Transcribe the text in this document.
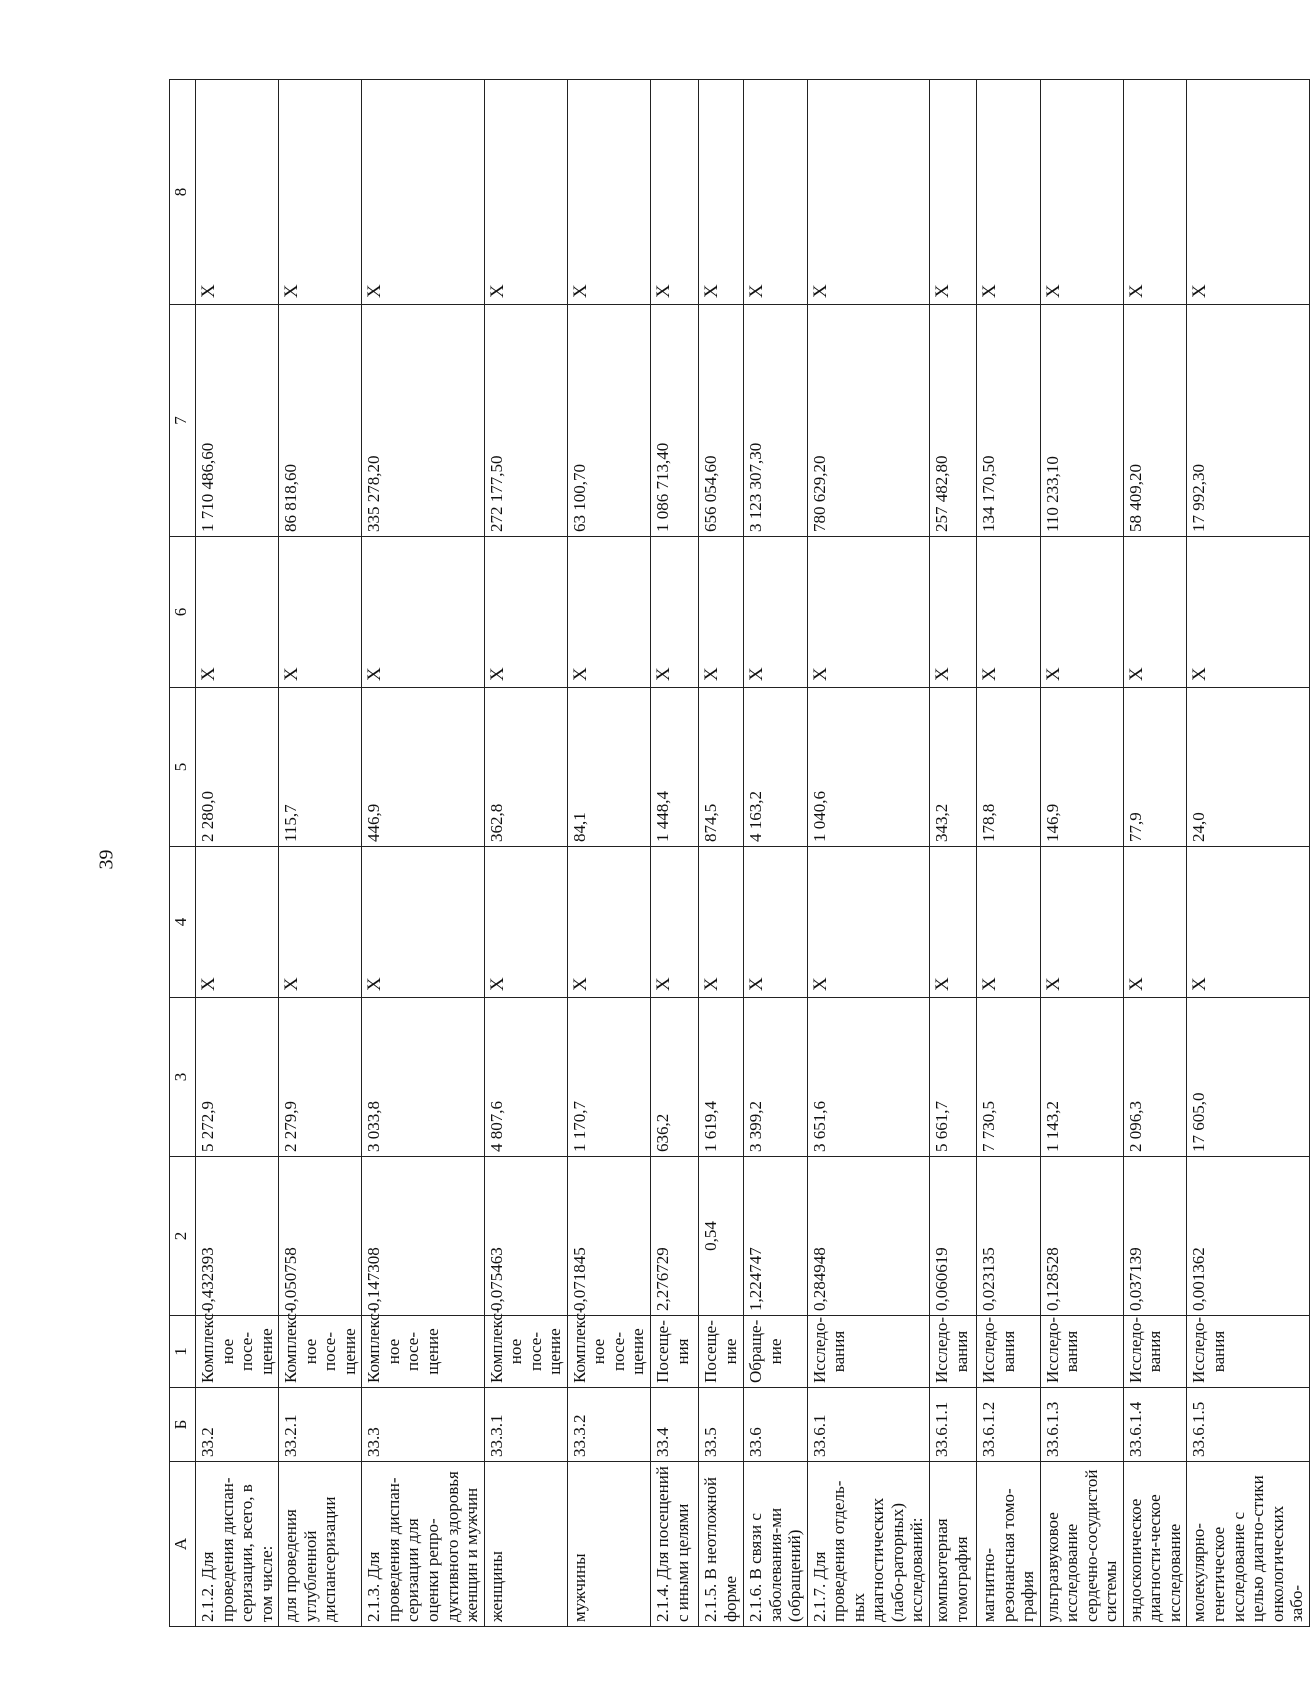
39
А	Б	1	2	3	4	5	6	7	8
2.1.2. Для проведения диспан-серизации, всего, в том числе:	33.2	Комплекс-ное посе-щение	0,432393	5 272,9	Х	2 280,0	Х	1 710 486,60	Х
для проведения углубленной диспансеризации	33.2.1	Комплекс-ное посе-щение	0,050758	2 279,9	Х	115,7	Х	86 818,60	Х
2.1.3. Для проведения диспан-серизации для оценки репро-дуктивного здоровья женщин и мужчин	33.3	Комплекс-ное посе-щение	0,147308	3 033,8	Х	446,9	Х	335 278,20	Х
женщины	33.3.1	Комплекс-ное посе-щение	0,075463	4 807,6	Х	362,8	Х	272 177,50	Х
мужчины	33.3.2	Комплекс-ное посе-щение	0,071845	1 170,7	Х	84,1	Х	63 100,70	Х
2.1.4. Для посещений с иными целями	33.4	Посеще-ния	2,276729	636,2	Х	1 448,4	Х	1 086 713,40	Х
2.1.5. В неотложной форме	33.5	Посеще-ние	0,54	1 619,4	Х	874,5	Х	656 054,60	Х
2.1.6. В связи с заболевания-ми (обращений)	33.6	Обраще-ние	1,224747	3 399,2	Х	4 163,2	Х	3 123 307,30	Х
2.1.7. Для проведения отдель-ных диагностических (лабо-раторных) исследований:	33.6.1	Исследо-вания	0,284948	3 651,6	Х	1 040,6	Х	780 629,20	Х
компьютерная томография	33.6.1.1	Исследо-вания	0,060619	5 661,7	Х	343,2	Х	257 482,80	Х
магнитно-резонансная томо-графия	33.6.1.2	Исследо-вания	0,023135	7 730,5	Х	178,8	Х	134 170,50	Х
ультразвуковое исследование сердечно-сосудистой системы	33.6.1.3	Исследо-вания	0,128528	1 143,2	Х	146,9	Х	110 233,10	Х
эндоскопическое диагности-ческое исследование	33.6.1.4	Исследо-вания	0,037139	2 096,3	Х	77,9	Х	58 409,20	Х
молекулярно-генетическое исследование с целью диагно-стики онкологических забо-	33.6.1.5	Исследо-вания	0,001362	17 605,0	Х	24,0	Х	17 992,30	Х
